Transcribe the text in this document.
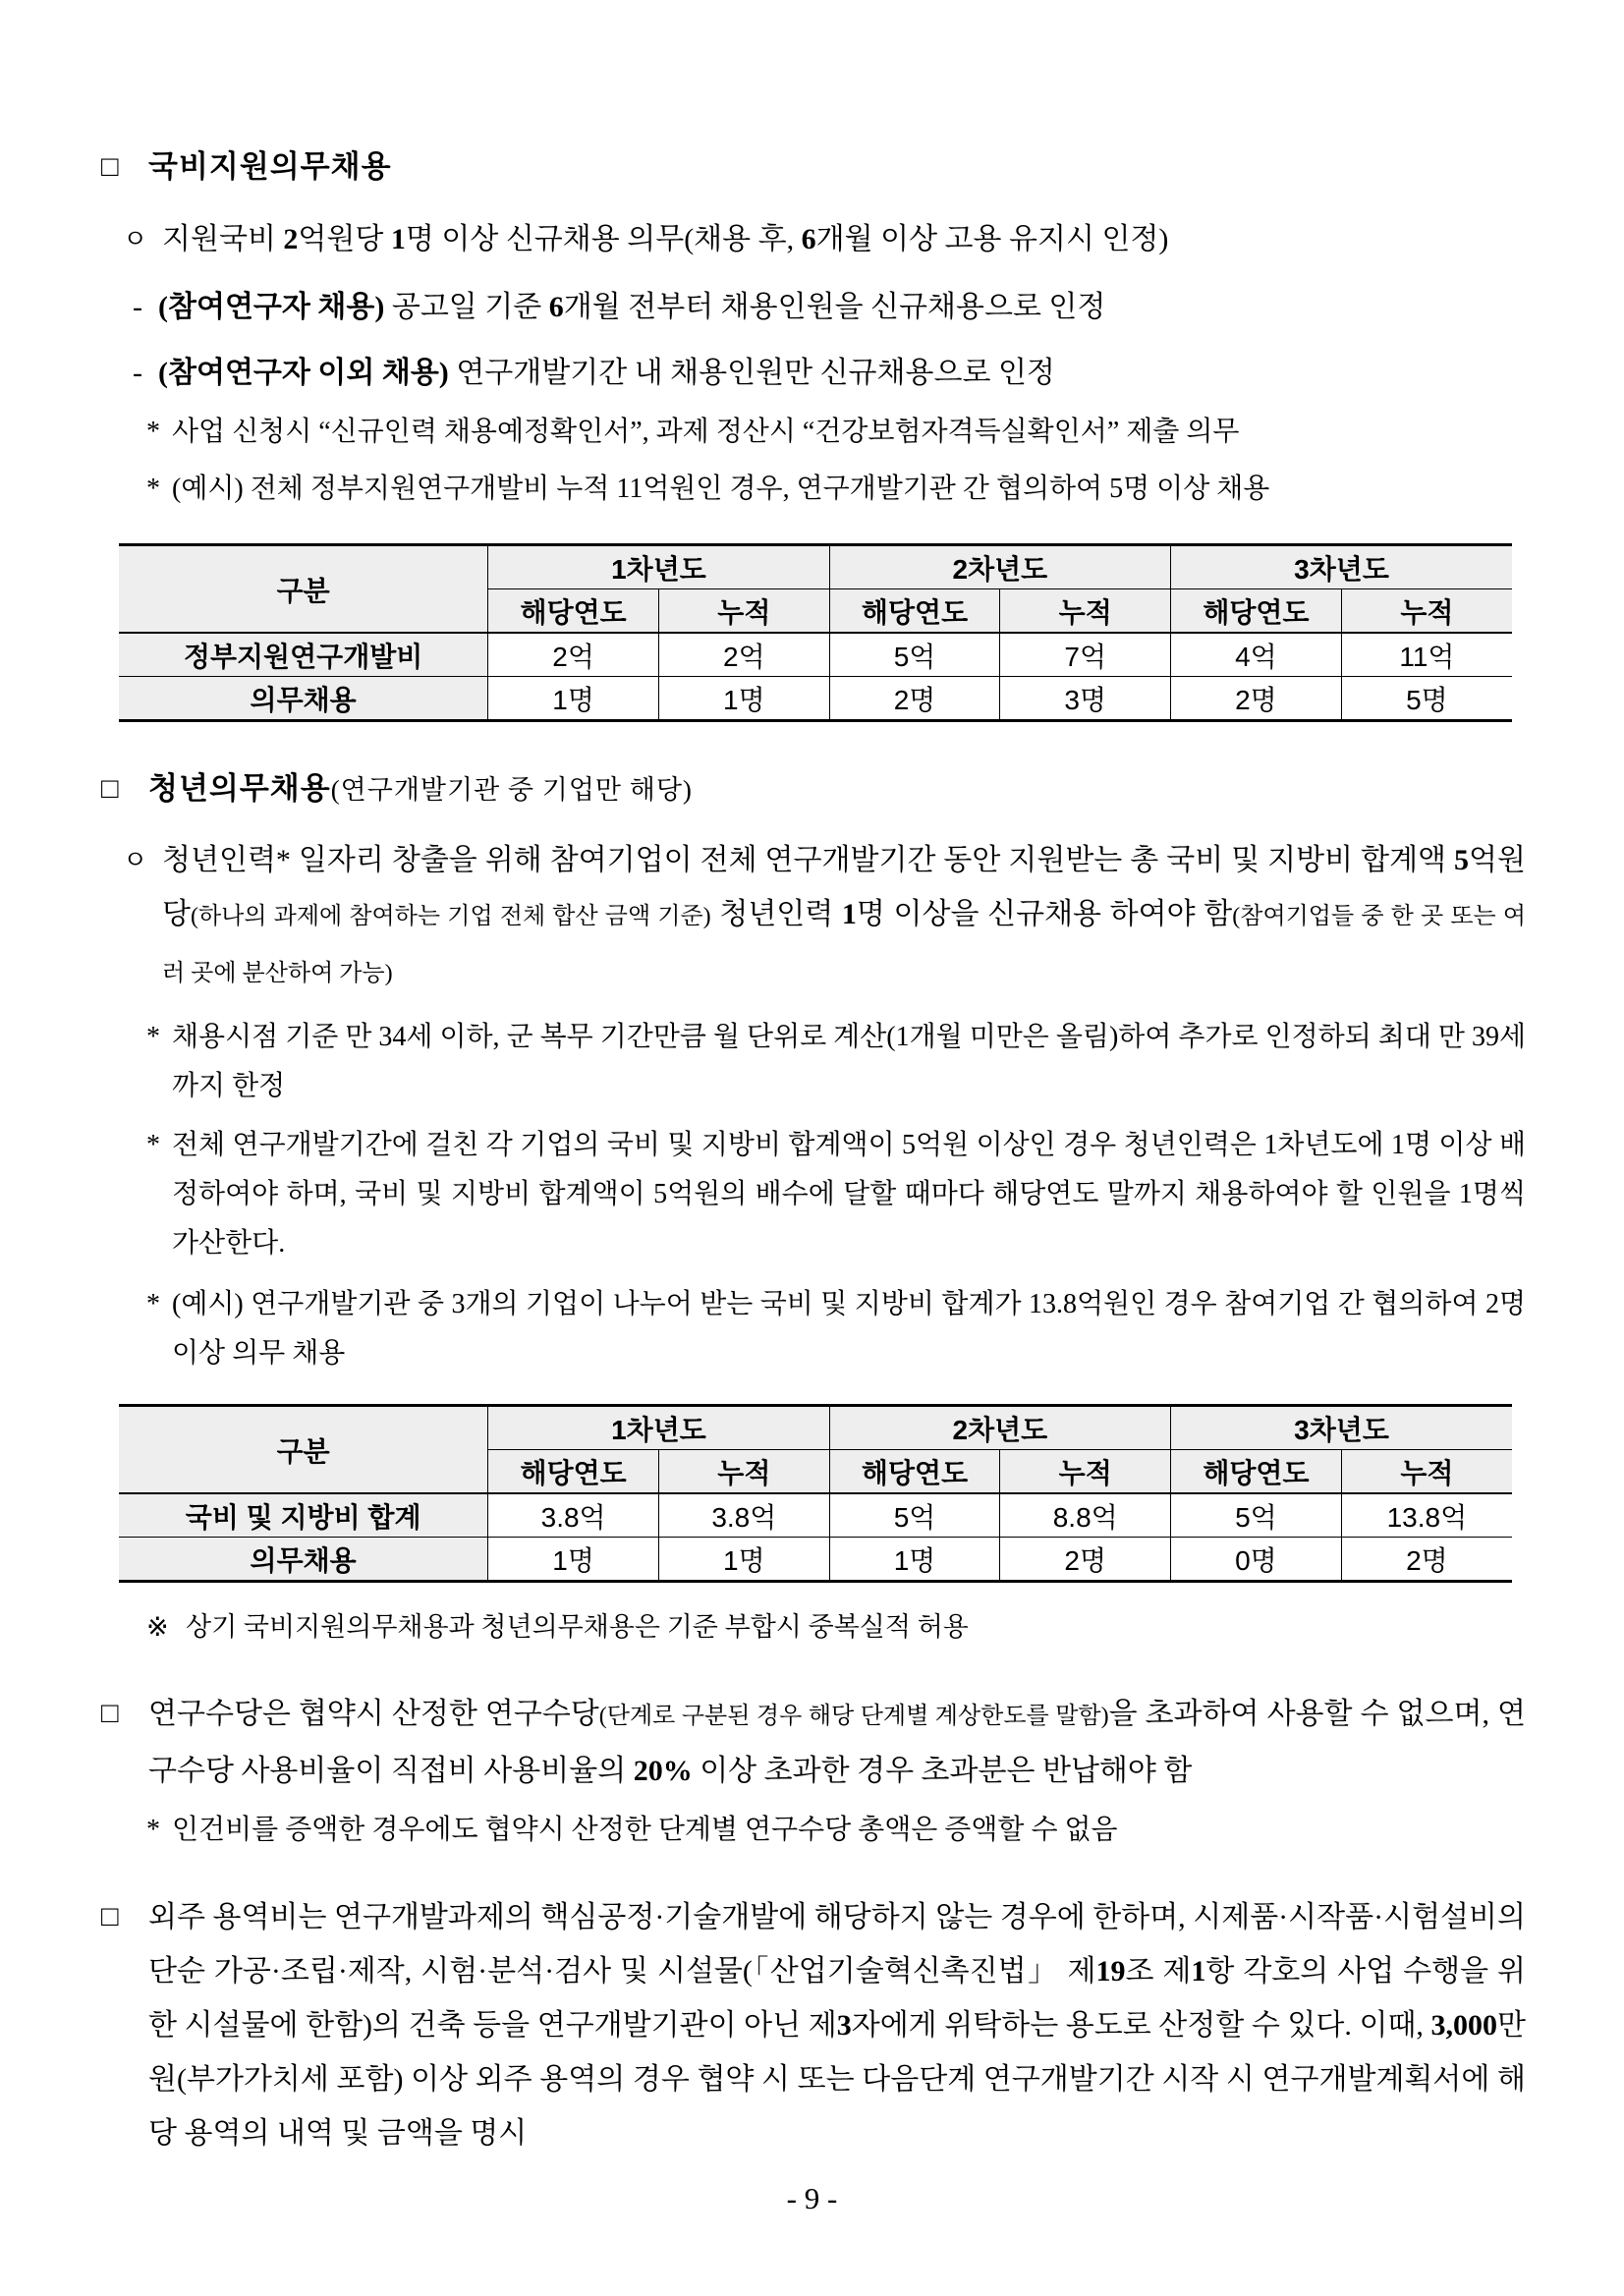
□ 국비지원의무채용
ㅇ 지원국비 2억원당 1명 이상 신규채용 의무(채용 후, 6개월 이상 고용 유지시 인정)
- (참여연구자 채용) 공고일 기준 6개월 전부터 채용인원을 신규채용으로 인정
- (참여연구자 이외 채용) 연구개발기간 내 채용인원만 신규채용으로 인정
* 사업 신청시 “신규인력 채용예정확인서”, 과제 정산시 “건강보험자격득실확인서” 제출 의무
* (예시) 전체 정부지원연구개발비 누적 11억원인 경우, 연구개발기관 간 협의하여 5명 이상 채용
구분	1차년도		2차년도		3차년도	
	해당연도	누적	해당연도	누적	해당연도	누적
정부지원연구개발비	2억	2억	5억	7억	4억	11억
의무채용	1명	1명	2명	3명	2명	5명
□ 청년의무채용(연구개발기관 중 기업만 해당)
ㅇ 청년인력* 일자리 창출을 위해 참여기업이 전체 연구개발기간 동안 지원받는 총 국비 및 지방비 합계액 5억원 당(하나의 과제에 참여하는 기업 전체 합산 금액 기준) 청년인력 1명 이상을 신규채용 하여야 함(참여기업들 중 한 곳 또는 여러 곳에 분산하여 가능)
* 채용시점 기준 만 34세 이하, 군 복무 기간만큼 월 단위로 계산(1개월 미만은 올림)하여 추가로 인정하되 최대 만 39세까지 한정
* 전체 연구개발기간에 걸친 각 기업의 국비 및 지방비 합계액이 5억원 이상인 경우 청년인력은 1차년도에 1명 이상 배정하여야 하며, 국비 및 지방비 합계액이 5억원의 배수에 달할 때마다 해당연도 말까지 채용하여야 할 인원을 1명씩 가산한다.
* (예시) 연구개발기관 중 3개의 기업이 나누어 받는 국비 및 지방비 합계가 13.8억원인 경우 참여기업 간 협의하여 2명 이상 의무 채용
구분	1차년도		2차년도		3차년도	
	해당연도	누적	해당연도	누적	해당연도	누적
국비 및 지방비 합계	3.8억	3.8억	5억	8.8억	5억	13.8억
의무채용	1명	1명	1명	2명	0명	2명
※ 상기 국비지원의무채용과 청년의무채용은 기준 부합시 중복실적 허용
□	연구수당은 협약시 산정한 연구수당(단계로 구분된 경우 해당 단계별 계상한도를 말함)을 초과하여 사용할 수 없으며, 연구수당 사용비율이 직접비 사용비율의 20% 이상 초과한 경우 초과분은 반납해야 함
* 인건비를 증액한 경우에도 협약시 산정한 단계별 연구수당 총액은 증액할 수 없음
□	외주 용역비는 연구개발과제의 핵심공정·기술개발에 해당하지 않는 경우에 한하며, 시제품·시작품·시험설비의 단순 가공·조립·제작, 시험·분석·검사 및 시설물(「산업기술혁신촉진법」 제19조 제1항 각호의 사업 수행을 위한 시설물에 한함)의 건축 등을 연구개발기관이 아닌 제3자에게 위탁하는 용도로 산정할 수 있다. 이때, 3,000만원(부가가치세 포함) 이상 외주 용역의 경우 협약 시 또는 다음단계 연구개발기간 시작 시 연구개발계획서에 해당 용역의 내역 및 금액을 명시
- 9 -
